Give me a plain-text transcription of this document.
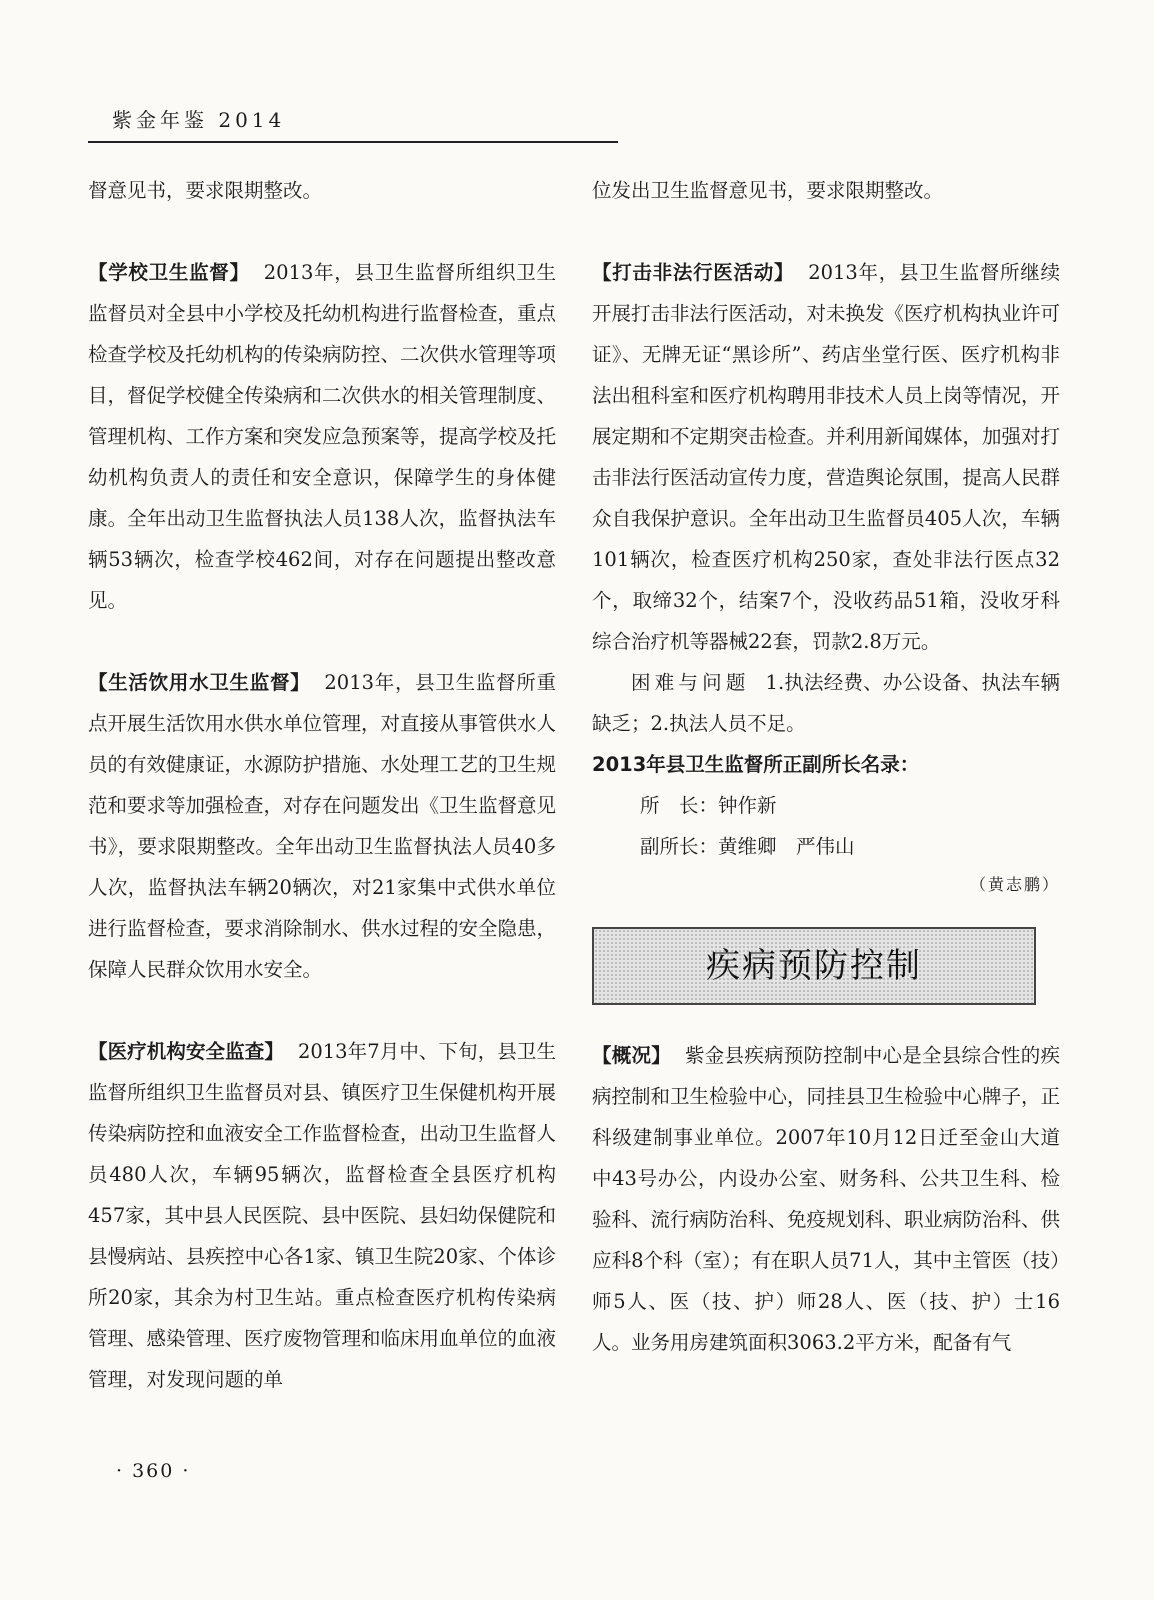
紫金年鉴 2014

督意见书，要求限期整改。

【学校卫生监督】 2013年，县卫生监督所组织卫生监督员对全县中小学校及托幼机构进行监督检查，重点检查学校及托幼机构的传染病防控、二次供水管理等项目，督促学校健全传染病和二次供水的相关管理制度、管理机构、工作方案和突发应急预案等，提高学校及托幼机构负责人的责任和安全意识，保障学生的身体健康。全年出动卫生监督执法人员138人次，监督执法车辆53辆次，检查学校462间，对存在问题提出整改意见。

【生活饮用水卫生监督】 2013年，县卫生监督所重点开展生活饮用水供水单位管理，对直接从事管供水人员的有效健康证，水源防护措施、水处理工艺的卫生规范和要求等加强检查，对存在问题发出《卫生监督意见书》，要求限期整改。全年出动卫生监督执法人员40多人次，监督执法车辆20辆次，对21家集中式供水单位进行监督检查，要求消除制水、供水过程的安全隐患，保障人民群众饮用水安全。

【医疗机构安全监查】 2013年7月中、下旬，县卫生监督所组织卫生监督员对县、镇医疗卫生保健机构开展传染病防控和血液安全工作监督检查，出动卫生监督人员480人次，车辆95辆次，监督检查全县医疗机构457家，其中县人民医院、县中医院、县妇幼保健院和县慢病站、县疾控中心各1家、镇卫生院20家、个体诊所20家，其余为村卫生站。重点检查医疗机构传染病管理、感染管理、医疗废物管理和临床用血单位的血液管理，对发现问题的单

位发出卫生监督意见书，要求限期整改。

【打击非法行医活动】 2013年，县卫生监督所继续开展打击非法行医活动，对未换发《医疗机构执业许可证》、无牌无证“黑诊所”、药店坐堂行医、医疗机构非法出租科室和医疗机构聘用非技术人员上岗等情况，开展定期和不定期突击检查。并利用新闻媒体，加强对打击非法行医活动宣传力度，营造舆论氛围，提高人民群众自我保护意识。全年出动卫生监督员405人次，车辆101辆次，检查医疗机构250家，查处非法行医点32个，取缔32个，结案7个，没收药品51箱，没收牙科综合治疗机等器械22套，罚款2.8万元。

困难与问题 1.执法经费、办公设备、执法车辆缺乏；2.执法人员不足。

2013年县卫生监督所正副所长名录：

所　长：钟作新

副所长：黄维卿　严伟山

（黄志鹏）

疾病预防控制

【概况】 紫金县疾病预防控制中心是全县综合性的疾病控制和卫生检验中心，同挂县卫生检验中心牌子，正科级建制事业单位。2007年10月12日迁至金山大道中43号办公，内设办公室、财务科、公共卫生科、检验科、流行病防治科、免疫规划科、职业病防治科、供应科8个科（室）；有在职人员71人，其中主管医（技）师5人、医（技、护）师28人、医（技、护）士16人。业务用房建筑面积3063.2平方米，配备有气

· 360 ·
